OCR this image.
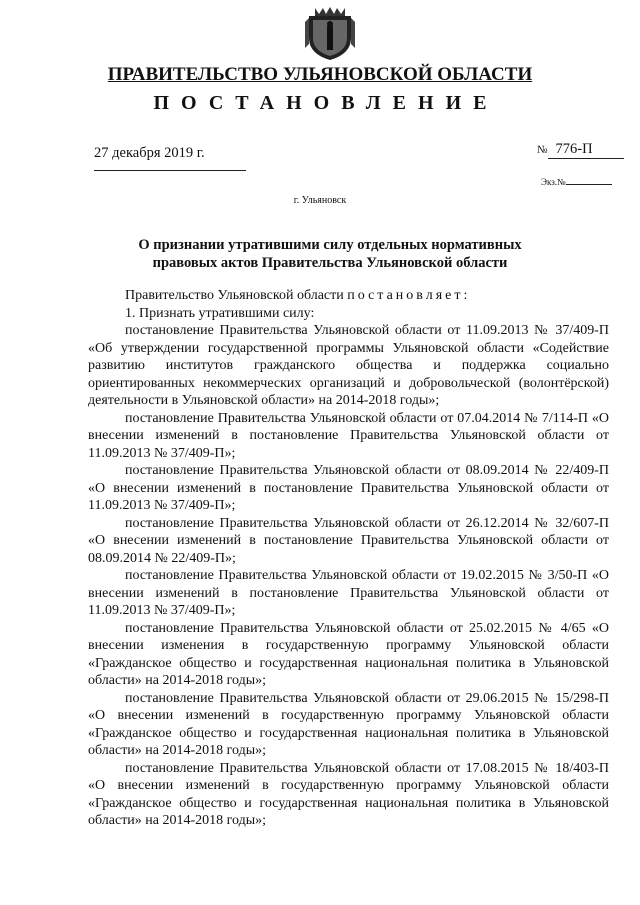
ПРАВИТЕЛЬСТВО УЛЬЯНОВСКОЙ ОБЛАСТИ
ПОСТАНОВЛЕНИЕ
27 декабря 2019 г.	№ 776-П
Экз.№
г. Ульяновск
О признании утратившими силу отдельных нормативных правовых актов Правительства Ульяновской области

Правительство Ульяновской области постановляет:

1. Признать утратившими силу:

постановление Правительства Ульяновской области от 11.09.2013 № 37/409-П «Об утверждении государственной программы Ульяновской области «Содействие развитию институтов гражданского общества и поддержка социально ориентированных некоммерческих организаций и добровольческой (волонтёрской) деятельности в Ульяновской области» на 2014-2018 годы»;

постановление Правительства Ульяновской области от 07.04.2014 № 7/114-П «О внесении изменений в постановление Правительства Ульяновской области от 11.09.2013 № 37/409-П»;

постановление Правительства Ульяновской области от 08.09.2014 № 22/409-П «О внесении изменений в постановление Правительства Ульяновской области от 11.09.2013 № 37/409-П»;

постановление Правительства Ульяновской области от 26.12.2014 № 32/607-П «О внесении изменений в постановление Правительства Ульяновской области от 08.09.2014 № 22/409-П»;

постановление Правительства Ульяновской области от 19.02.2015 № 3/50-П «О внесении изменений в постановление Правительства Ульяновской области от 11.09.2013 № 37/409-П»;

постановление Правительства Ульяновской области от 25.02.2015 № 4/65 «О внесении изменения в государственную программу Ульяновской области «Гражданское общество и государственная национальная политика в Ульяновской области» на 2014-2018 годы»;

постановление Правительства Ульяновской области от 29.06.2015 № 15/298-П «О внесении изменений в государственную программу Ульяновской области «Гражданское общество и государственная национальная политика в Ульяновской области» на 2014-2018 годы»;

постановление Правительства Ульяновской области от 17.08.2015 № 18/403-П «О внесении изменений в государственную программу Ульяновской области «Гражданское общество и государственная национальная политика в Ульяновской области» на 2014-2018 годы»;
